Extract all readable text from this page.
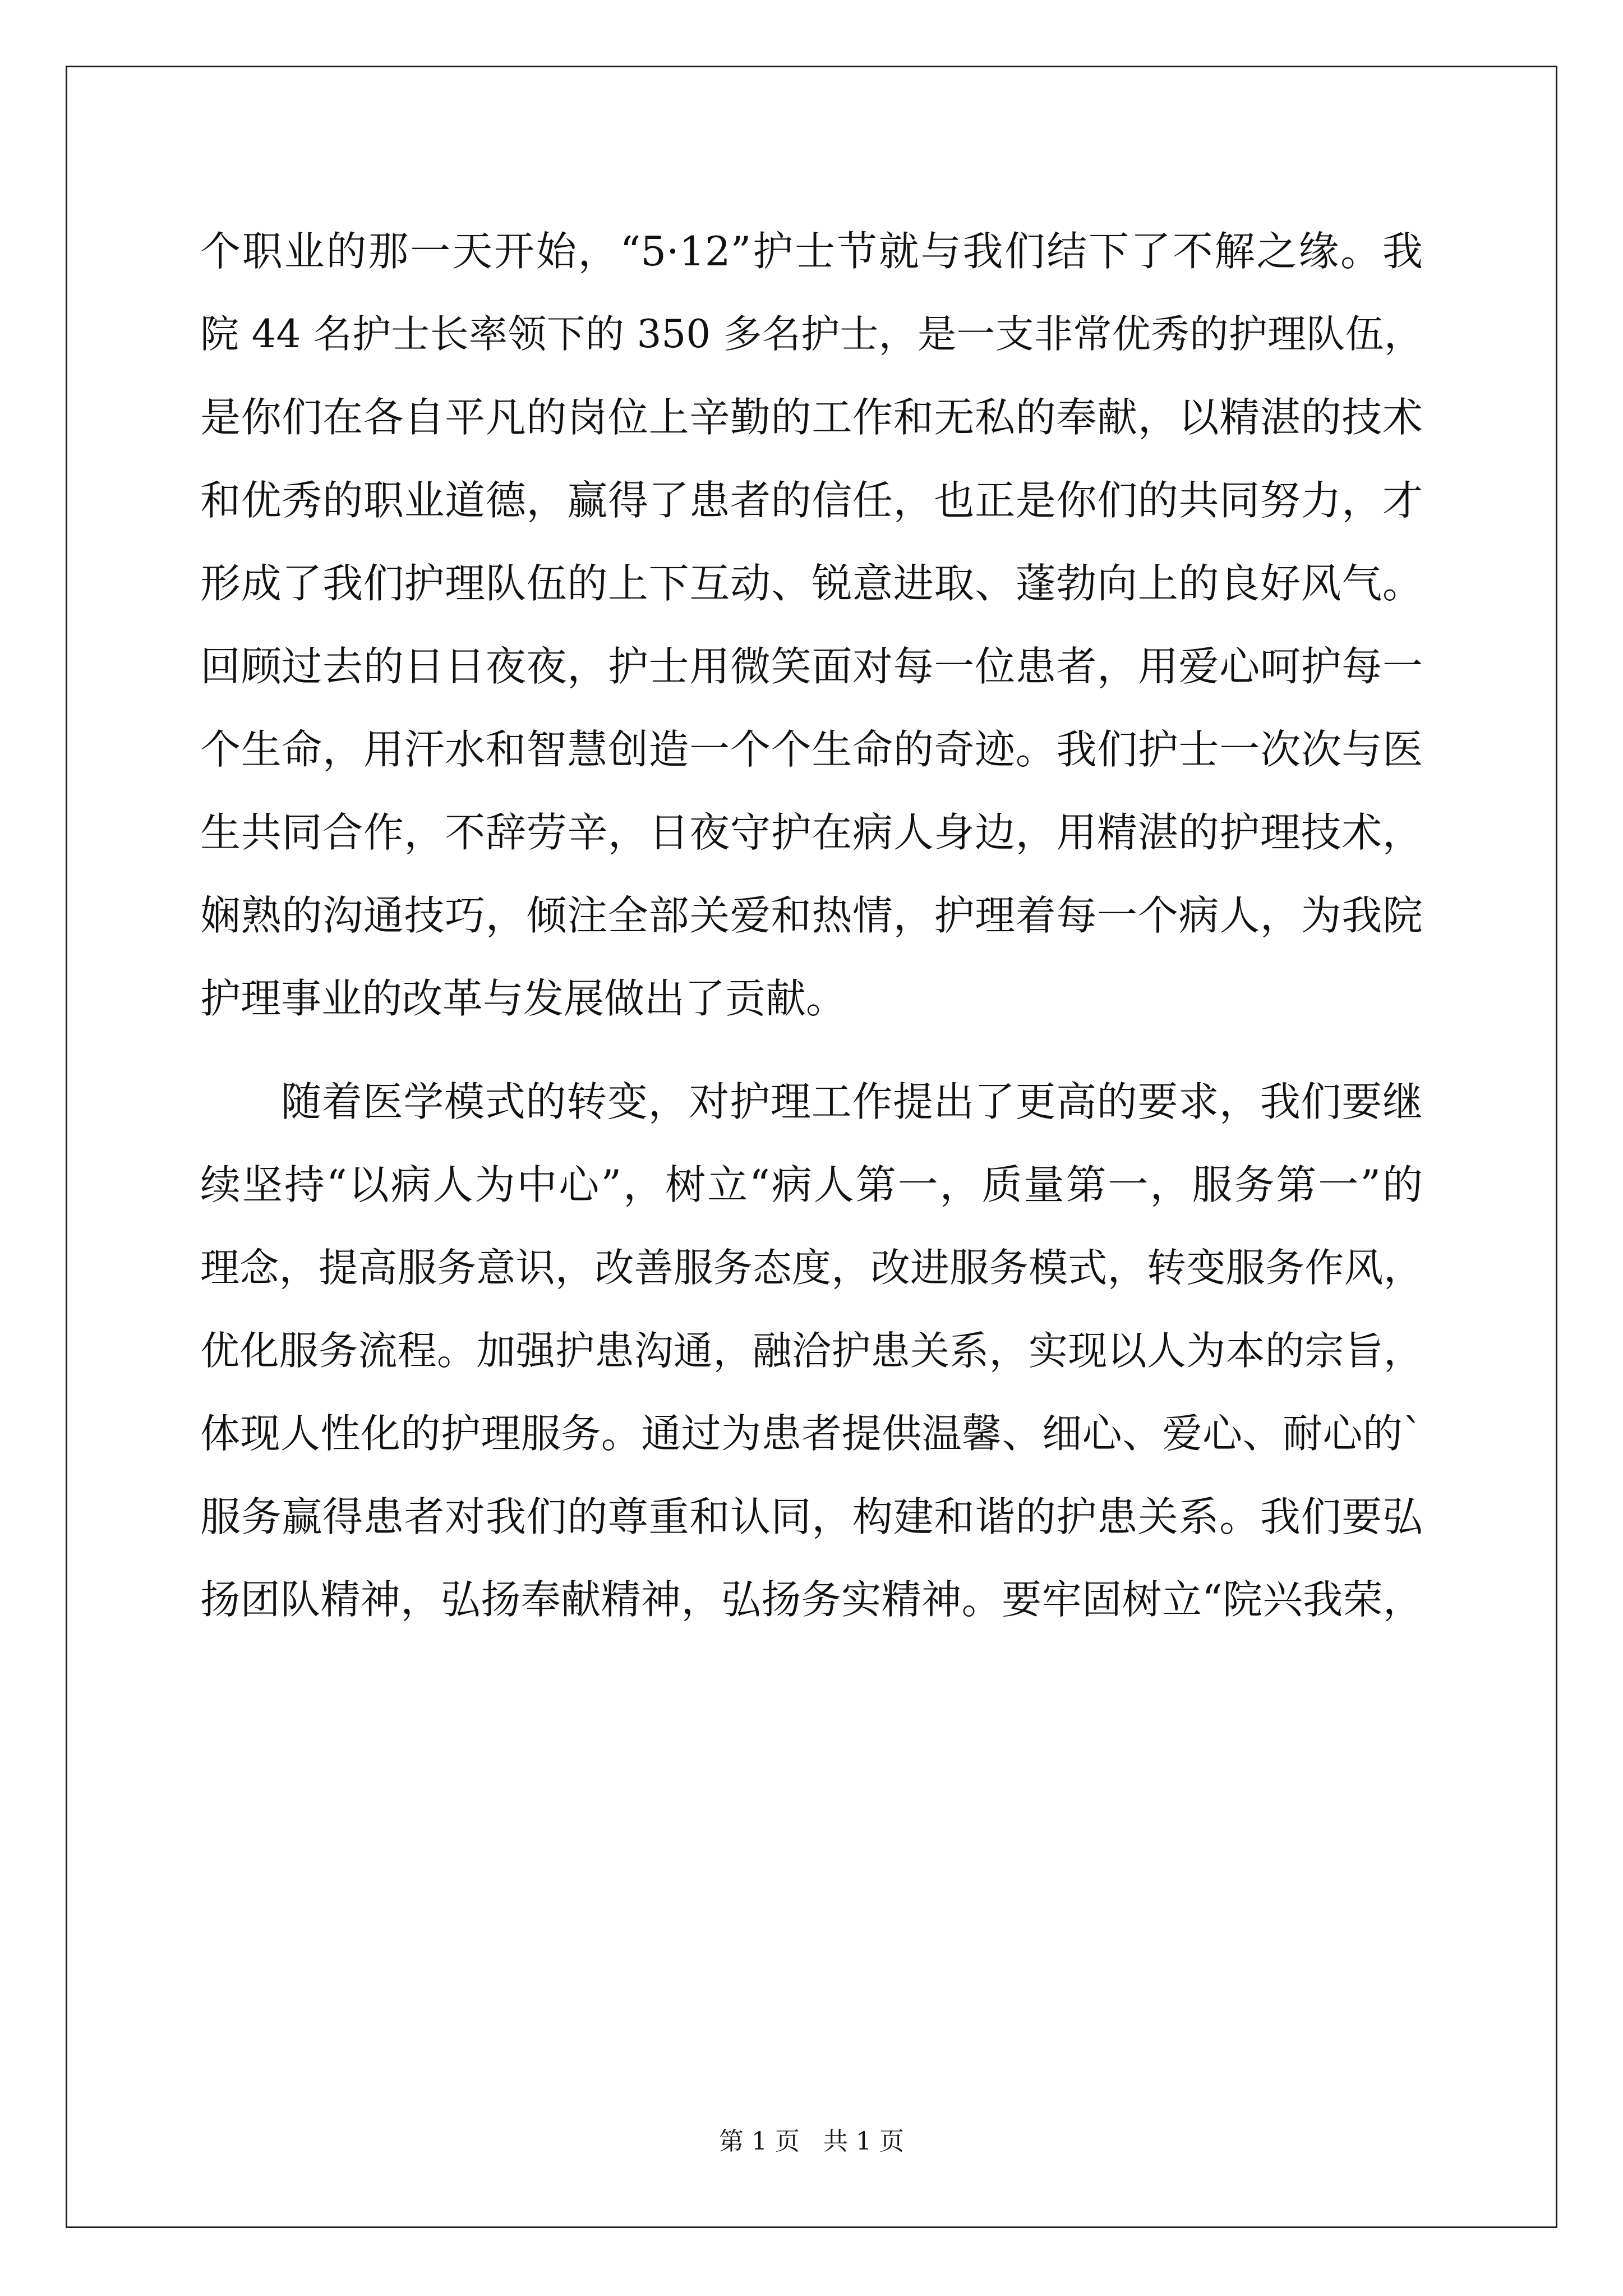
个职业的那一天开始，“5·12”护士节就与我们结下了不解之缘。我
院 44 名护士长率领下的 350 多名护士，是一支非常优秀的护理队伍，
是你们在各自平凡的岗位上辛勤的工作和无私的奉献，以精湛的技术
和优秀的职业道德，赢得了患者的信任，也正是你们的共同努力，才
形成了我们护理队伍的上下互动、锐意进取、蓬勃向上的良好风气。
回顾过去的日日夜夜，护士用微笑面对每一位患者，用爱心呵护每一
个生命，用汗水和智慧创造一个个生命的奇迹。我们护士一次次与医
生共同合作，不辞劳辛，日夜守护在病人身边，用精湛的护理技术，
娴熟的沟通技巧，倾注全部关爱和热情，护理着每一个病人，为我院
护理事业的改革与发展做出了贡献。
随着医学模式的转变，对护理工作提出了更高的要求，我们要继
续坚持“以病人为中心”，树立“病人第一，质量第一，服务第一”的
理念，提高服务意识，改善服务态度，改进服务模式，转变服务作风，
优化服务流程。加强护患沟通，融洽护患关系，实现以人为本的宗旨，
体现人性化的护理服务。通过为患者提供温馨、细心、爱心、耐心的`
服务赢得患者对我们的尊重和认同，构建和谐的护患关系。我们要弘
扬团队精神，弘扬奉献精神，弘扬务实精神。要牢固树立“院兴我荣，
第 1 页   共 1 页
